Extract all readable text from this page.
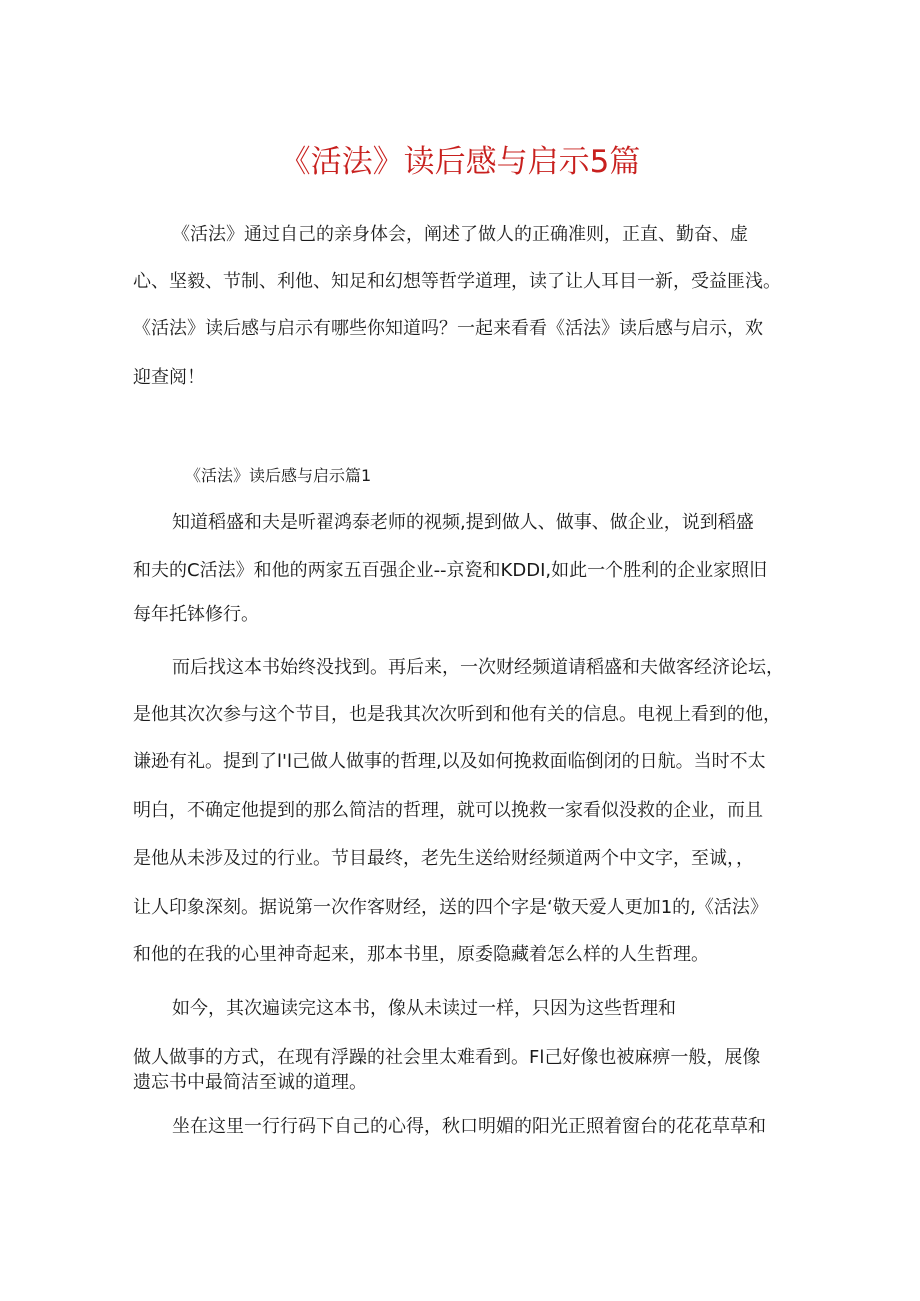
《活法》读后感与启示5篇
《活法》通过自己的亲身体会，阐述了做人的正确准则，正直、勤奋、虚
心、坚毅、节制、利他、知足和幻想等哲学道理，读了让人耳目一新，受益匪浅。
《活法》读后感与启示有哪些你知道吗？一起来看看《活法》读后感与启示，欢
迎查阅！
《活法》读后感与启示篇1
知道稻盛和夫是听翟鸿泰老师的视频,提到做人、做事、做企业，说到稻盛
和夫的C活法》和他的两家五百强企业--京瓷和KDDI,如此一个胜利的企业家照旧
每年托钵修行。
而后找这本书始终没找到。再后来，一次财经频道请稻盛和夫做客经济论坛，
是他其次次参与这个节目，也是我其次次听到和他有关的信息。电视上看到的他，
谦逊有礼。提到了l'l己做人做事的哲理,以及如何挽救面临倒闭的日航。当时不太
明白，不确定他提到的那么简洁的哲理，就可以挽救一家看似没救的企业，而且
是他从未涉及过的行业。节目最终，老先生送给财经频道两个中文字，至诚，，
让人印象深刻。据说第一次作客财经，送的四个字是‘敬天爱人更加1的,《活法》
和他的在我的心里神奇起来，那本书里，原委隐藏着怎么样的人生哲理。
如今，其次遍读完这本书，像从未读过一样，只因为这些哲理和
做人做事的方式，在现有浮躁的社会里太难看到。Fl己好像也被麻痹一般，展像
遗忘书中最简洁至诚的道理。
坐在这里一行行码下自己的心得，秋口明媚的阳光正照着窗台的花花草草和
